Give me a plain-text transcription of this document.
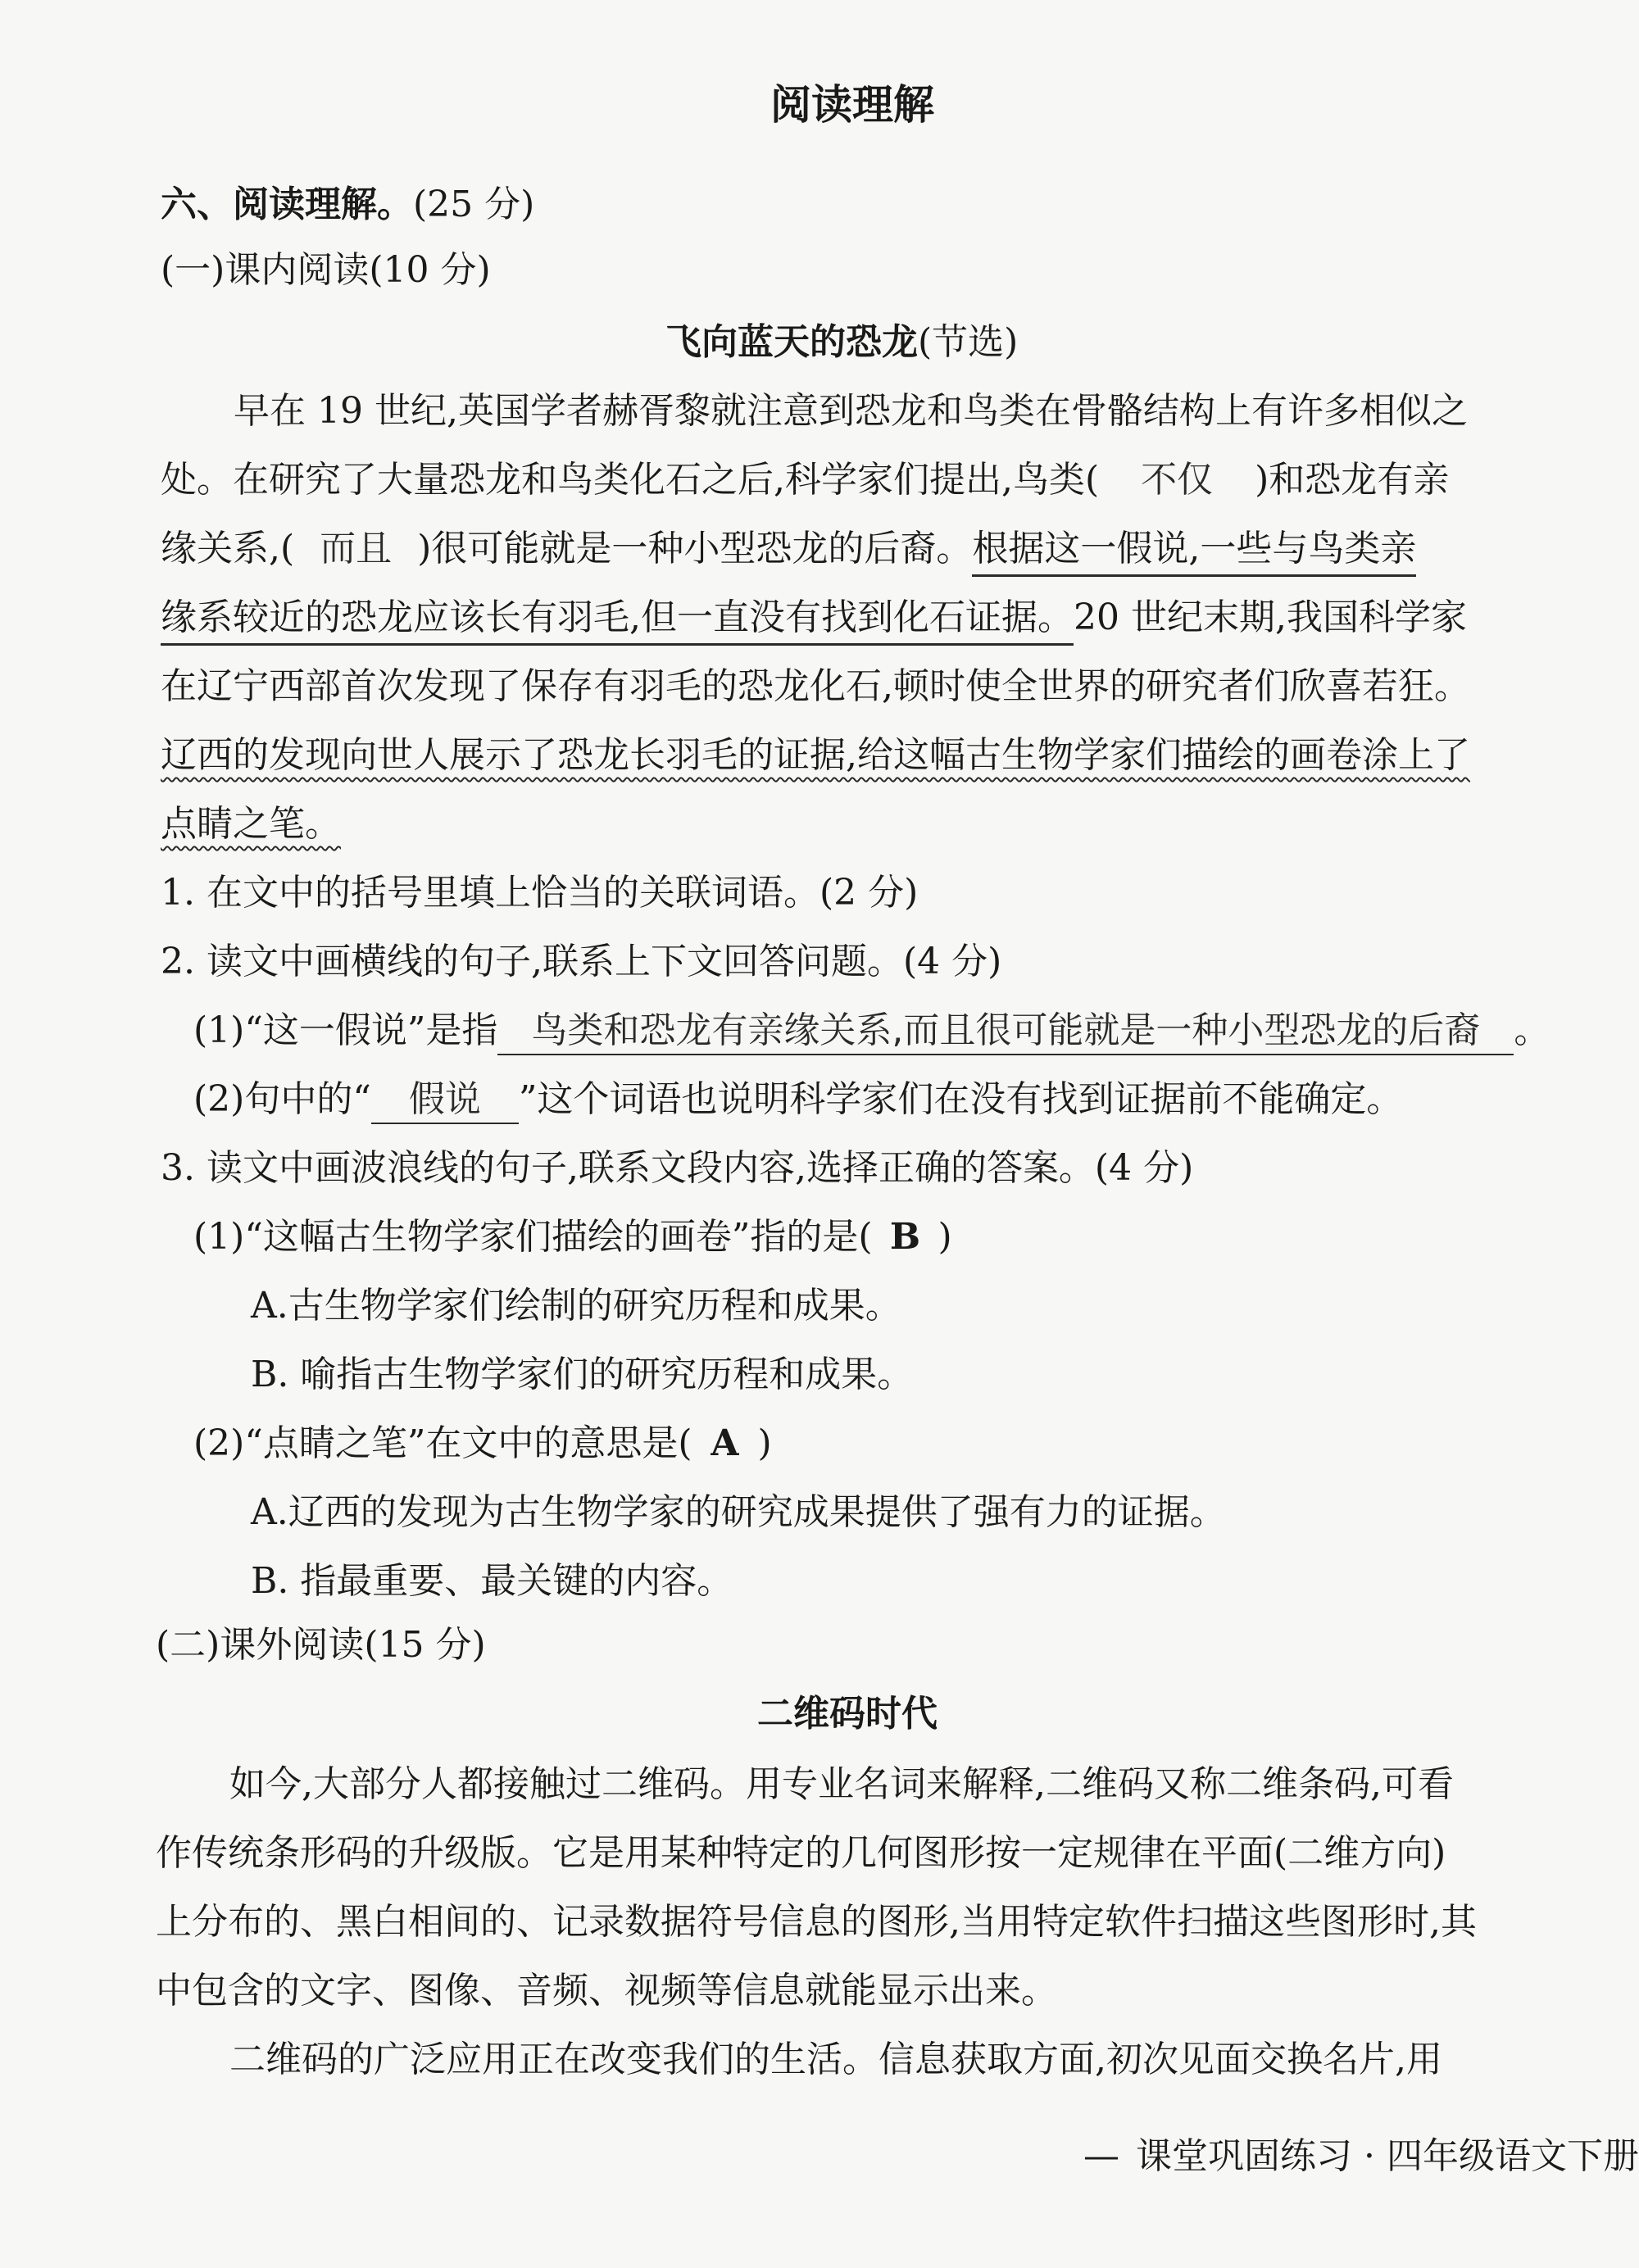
阅读理解
六、阅读理解。(25 分)
(一)课内阅读(10 分)
飞向蓝天的恐龙(节选)
早在 19 世纪,英国学者赫胥黎就注意到恐龙和鸟类在骨骼结构上有许多相似之
处。在研究了大量恐龙和鸟类化石之后,科学家们提出,鸟类( 不仅 )和恐龙有亲
缘关系,( 而且 )很可能就是一种小型恐龙的后裔。根据这一假说,一些与鸟类亲
缘系较近的恐龙应该长有羽毛,但一直没有找到化石证据。20 世纪末期,我国科学家
在辽宁西部首次发现了保存有羽毛的恐龙化石,顿时使全世界的研究者们欣喜若狂。
辽西的发现向世人展示了恐龙长羽毛的证据,给这幅古生物学家们描绘的画卷涂上了
点睛之笔。
1. 在文中的括号里填上恰当的关联词语。(2 分)
2. 读文中画横线的句子,联系上下文回答问题。(4 分)
(1)“这一假说”是指 鸟类和恐龙有亲缘关系,而且很可能就是一种小型恐龙的后裔 。
(2)句中的“ 假说 ”这个词语也说明科学家们在没有找到证据前不能确定。
3. 读文中画波浪线的句子,联系文段内容,选择正确的答案。(4 分)
(1)“这幅古生物学家们描绘的画卷”指的是( B )
A.古生物学家们绘制的研究历程和成果。
B. 喻指古生物学家们的研究历程和成果。
(2)“点睛之笔”在文中的意思是( A )
A.辽西的发现为古生物学家的研究成果提供了强有力的证据。
B. 指最重要、最关键的内容。
(二)课外阅读(15 分)
二维码时代
如今,大部分人都接触过二维码。用专业名词来解释,二维码又称二维条码,可看
作传统条形码的升级版。它是用某种特定的几何图形按一定规律在平面(二维方向)
上分布的、黑白相间的、记录数据符号信息的图形,当用特定软件扫描这些图形时,其
中包含的文字、图像、音频、视频等信息就能显示出来。
二维码的广泛应用正在改变我们的生活。信息获取方面,初次见面交换名片,用
— 课堂巩固练习 · 四年级语文下册
